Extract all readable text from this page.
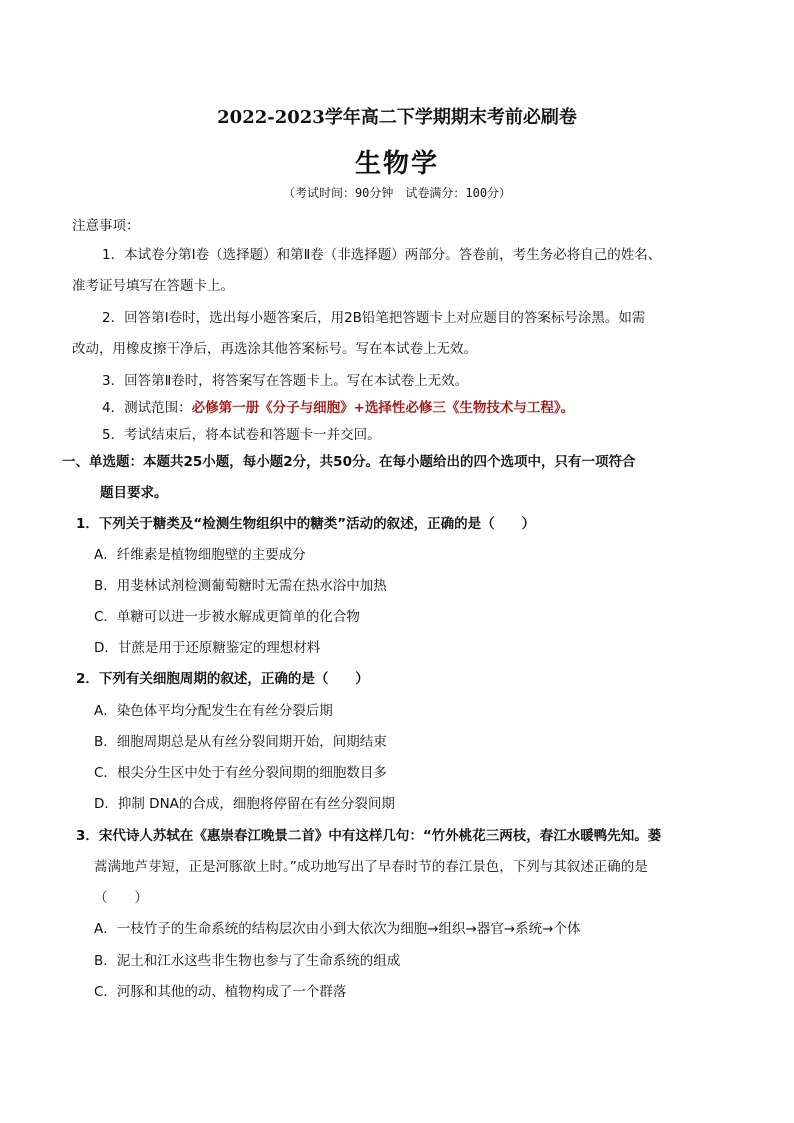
2022-2023学年高二下学期期末考前必刷卷
生物学
（考试时间：90分钟　试卷满分：100分）
注意事项：
1．本试卷分第Ⅰ卷（选择题）和第Ⅱ卷（非选择题）两部分。答卷前，考生务必将自己的姓名、
准考证号填写在答题卡上。
2．回答第Ⅰ卷时，选出每小题答案后，用2B铅笔把答题卡上对应题目的答案标号涂黑。如需
改动，用橡皮擦干净后，再选涂其他答案标号。写在本试卷上无效。
3．回答第Ⅱ卷时，将答案写在答题卡上。写在本试卷上无效。
4．测试范围：必修第一册《分子与细胞》+选择性必修三《生物技术与工程》。
5．考试结束后，将本试卷和答题卡一并交回。
一、单选题：本题共25小题，每小题2分，共50分。在每小题给出的四个选项中，只有一项符合
题目要求。
1．下列关于糖类及“检测生物组织中的糖类”活动的叙述，正确的是（　　）
A．纤维素是植物细胞壁的主要成分
B．用斐林试剂检测葡萄糖时无需在热水浴中加热
C．单糖可以进一步被水解成更简单的化合物
D．甘蔗是用于还原糖鉴定的理想材料
2．下列有关细胞周期的叙述，正确的是（　　）
A．染色体平均分配发生在有丝分裂后期
B．细胞周期总是从有丝分裂间期开始，间期结束
C．根尖分生区中处于有丝分裂间期的细胞数目多
D．抑制 DNA的合成，细胞将停留在有丝分裂间期
3．宋代诗人苏轼在《惠崇春江晚景二首》中有这样几句：“竹外桃花三两枝，春江水暖鸭先知。蒌
蒿满地芦芽短，正是河豚欲上时。”成功地写出了早春时节的春江景色，下列与其叙述正确的是
（　　）
A．一枝竹子的生命系统的结构层次由小到大依次为细胞→组织→器官→系统→个体
B．泥土和江水这些非生物也参与了生命系统的组成
C．河豚和其他的动、植物构成了一个群落
